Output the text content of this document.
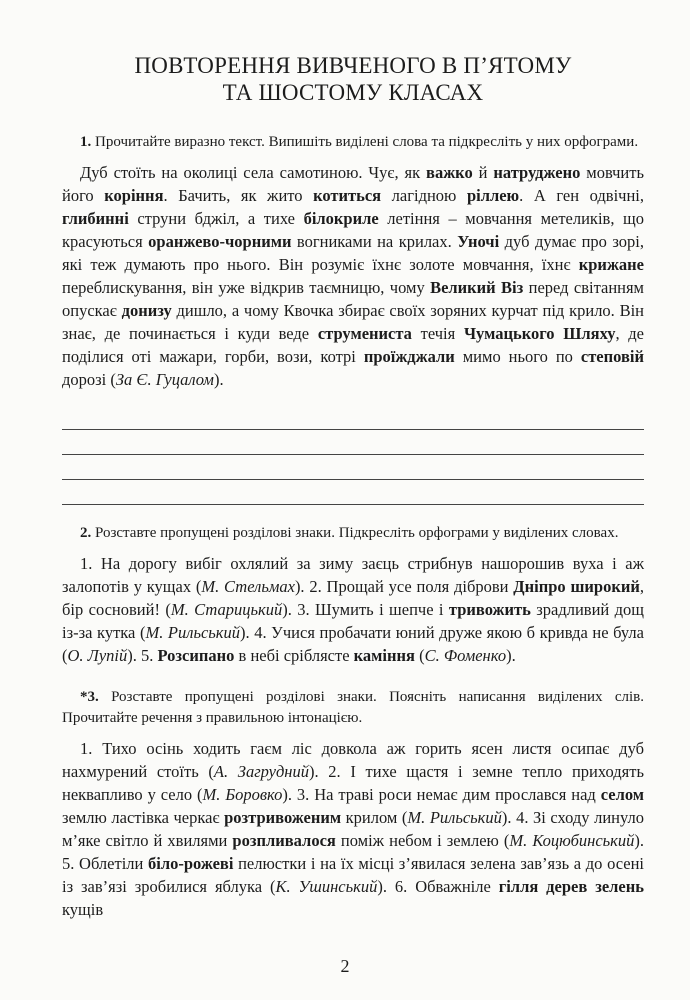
ПОВТОРЕННЯ ВИВЧЕНОГО В П’ЯТОМУ
ТА ШОСТОМУ КЛАСАХ

1. Прочитайте виразно текст. Випишіть виділені слова та підкресліть у них орфограми.

Дуб стоїть на околиці села самотиною. Чує, як важко й натруджено мовчить його коріння. Бачить, як жито котиться лагідною ріллею. А ген одвічні, глибинні струни бджіл, а тихе білокриле летіння – мовчання метеликів, що красуються оранжево-чорними вогниками на крилах. Уночі дуб думає про зорі, які теж думають про нього. Він розуміє їхнє золоте мовчання, їхнє крижане переблискування, він уже відкрив таємницю, чому Великий Віз перед світанням опускає донизу дишло, а чому Квочка збирає своїх зоряних курчат під крило. Він знає, де починається і куди веде струмениста течія Чумацького Шляху, де поділися оті мажари, горби, вози, котрі проїжджали мимо нього по степовій дорозі (За Є. Гуцалом).

2. Розставте пропущені розділові знаки. Підкресліть орфограми у виділених словах.

1. На дорогу вибіг охлялий за зиму заєць стрибнув нашорошив вуха і аж залопотів у кущах (М. Стельмах). 2. Прощай усе поля діброви Дніпро широкий, бір сосновий! (М. Старицький). 3. Шумить і шепче і тривожить зрадливий дощ із-за кутка (М. Рильський). 4. Учися пробачати юний друже якою б кривда не була (О. Лупій). 5. Розсипано в небі сріблясте каміння (С. Фоменко).

*3. Розставте пропущені розділові знаки. Поясніть написання виділених слів. Прочитайте речення з правильною інтонацією.

1. Тихо осінь ходить гаєм ліс довкола аж горить ясен листя осипає дуб нахмурений стоїть (А. Загрудний). 2. І тихе щастя і земне тепло приходять неквапливо у село (М. Боровко). 3. На траві роси немає дим прослався над селом землю ластівка черкає розтривоженим крилом (М. Рильський). 4. Зі сходу линуло м’яке світло й хвилями розпливалося поміж небом і землею (М. Коцюбинський). 5. Облетіли біло-рожеві пелюстки і на їх місці з’явилася зелена зав’язь а до осені із зав’язі зробилися яблука (К. Ушинський). 6. Обважніле гілля дерев зелень кущів

2
